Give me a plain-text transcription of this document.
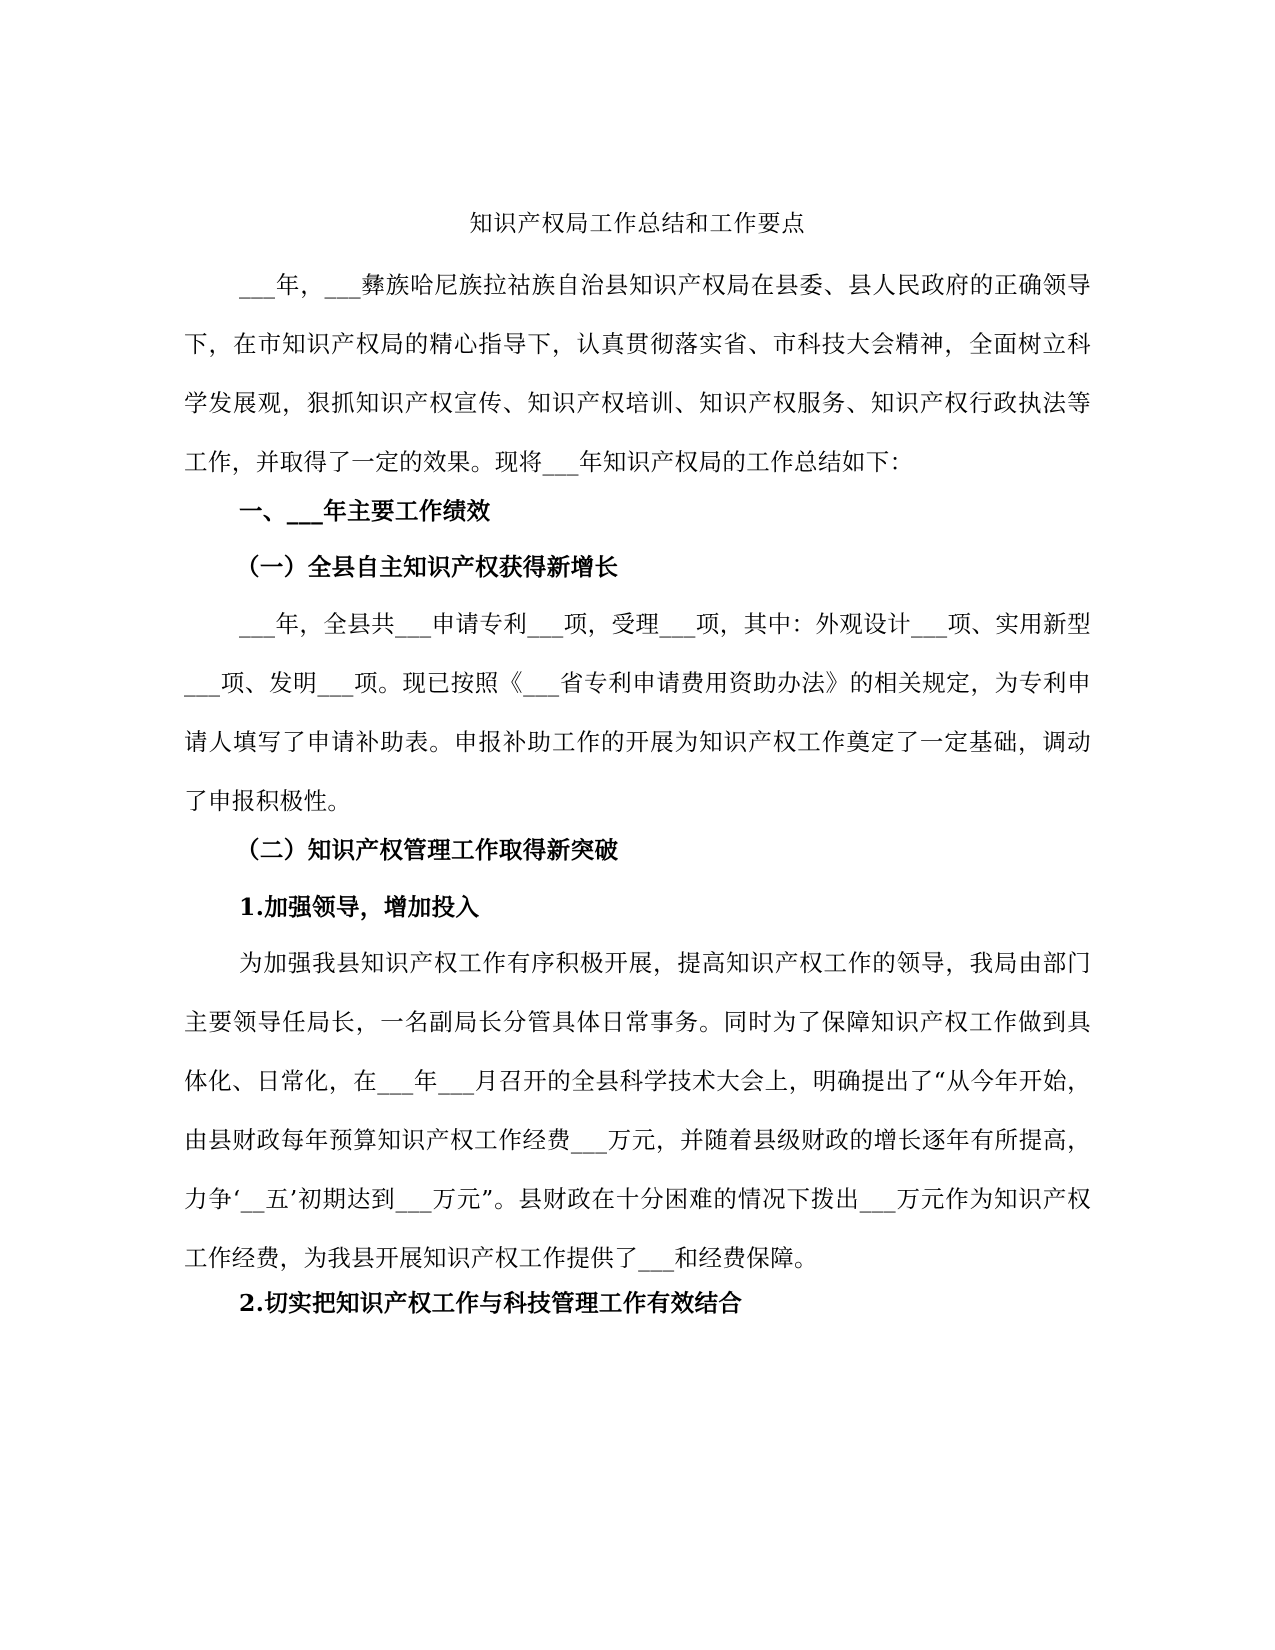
知识产权局工作总结和工作要点

___年，___彝族哈尼族拉祜族自治县知识产权局在县委、县人民政府的正确领导下，在市知识产权局的精心指导下，认真贯彻落实省、市科技大会精神，全面树立科学发展观，狠抓知识产权宣传、知识产权培训、知识产权服务、知识产权行政执法等工作，并取得了一定的效果。现将___年知识产权局的工作总结如下：

一、___年主要工作绩效
（一）全县自主知识产权获得新增长

___年，全县共___申请专利___项，受理___项，其中：外观设计___项、实用新型___项、发明___项。现已按照《___省专利申请费用资助办法》的相关规定，为专利申请人填写了申请补助表。申报补助工作的开展为知识产权工作奠定了一定基础，调动了申报积极性。

（二）知识产权管理工作取得新突破
1.加强领导，增加投入

为加强我县知识产权工作有序积极开展，提高知识产权工作的领导，我局由部门主要领导任局长，一名副局长分管具体日常事务。同时为了保障知识产权工作做到具体化、日常化，在___年___月召开的全县科学技术大会上，明确提出了“从今年开始，由县财政每年预算知识产权工作经费___万元，并随着县级财政的增长逐年有所提高，力争‘__五’初期达到___万元”。县财政在十分困难的情况下拨出___万元作为知识产权工作经费，为我县开展知识产权工作提供了___和经费保障。

2.切实把知识产权工作与科技管理工作有效结合
